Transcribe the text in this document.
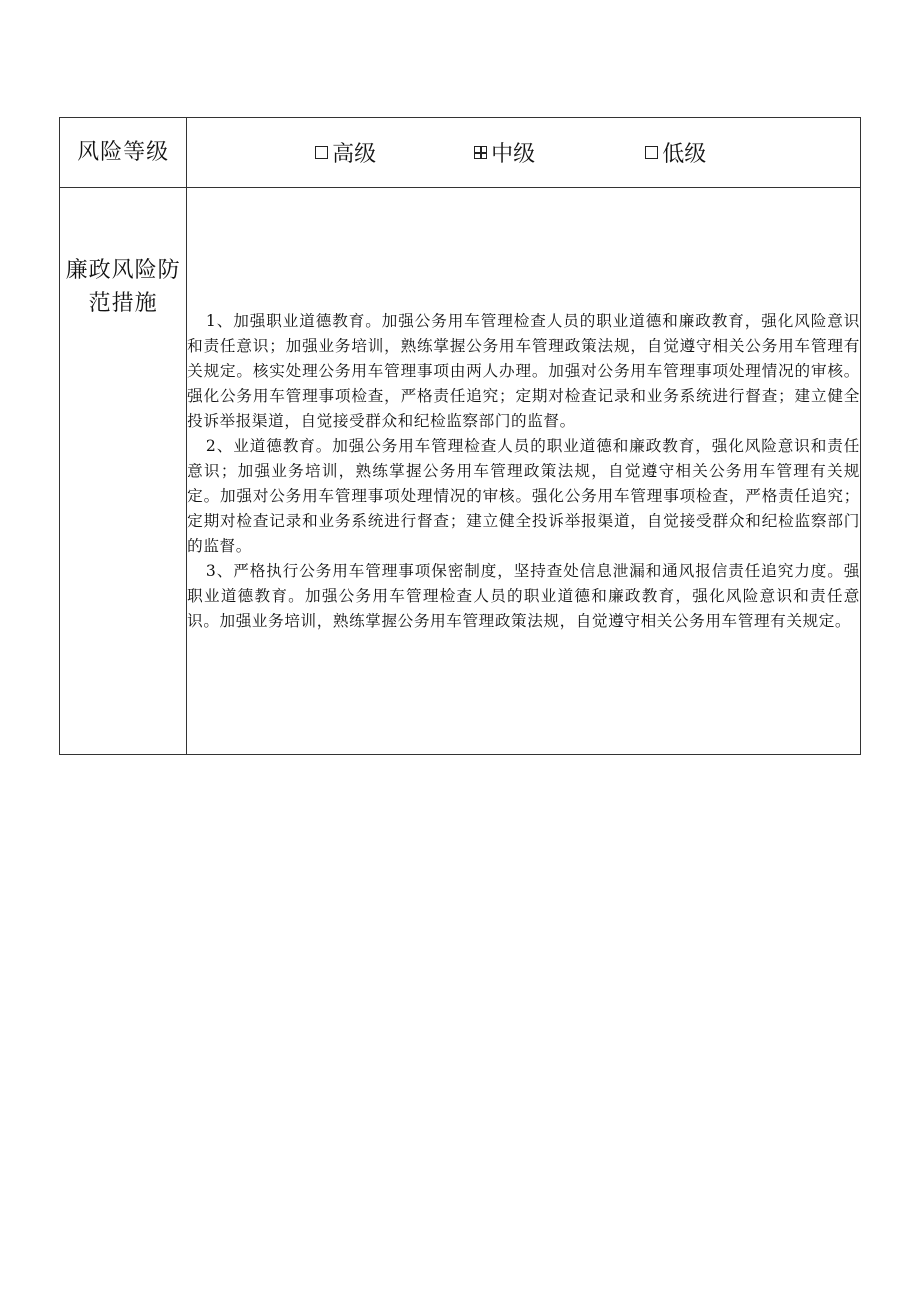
风险等级	高级 中级 低级

廉政风险防范措施	1、加强职业道德教育。加强公务用车管理检查人员的职业道德和廉政教育，强化风险意识和责任意识；加强业务培训，熟练掌握公务用车管理政策法规，自觉遵守相关公务用车管理有关规定。核实处理公务用车管理事项由两人办理。加强对公务用车管理事项处理情况的审核。强化公务用车管理事项检查，严格责任追究；定期对检查记录和业务系统进行督查；建立健全投诉举报渠道，自觉接受群众和纪检监察部门的监督。

2、业道德教育。加强公务用车管理检查人员的职业道德和廉政教育，强化风险意识和责任意识；加强业务培训，熟练掌握公务用车管理政策法规，自觉遵守相关公务用车管理有关规定。加强对公务用车管理事项处理情况的审核。强化公务用车管理事项检查，严格责任追究；定期对检查记录和业务系统进行督查；建立健全投诉举报渠道，自觉接受群众和纪检监察部门的监督。

3、严格执行公务用车管理事项保密制度，坚持查处信息泄漏和通风报信责任追究力度。强职业道德教育。加强公务用车管理检查人员的职业道德和廉政教育，强化风险意识和责任意识。加强业务培训，熟练掌握公务用车管理政策法规，自觉遵守相关公务用车管理有关规定。
